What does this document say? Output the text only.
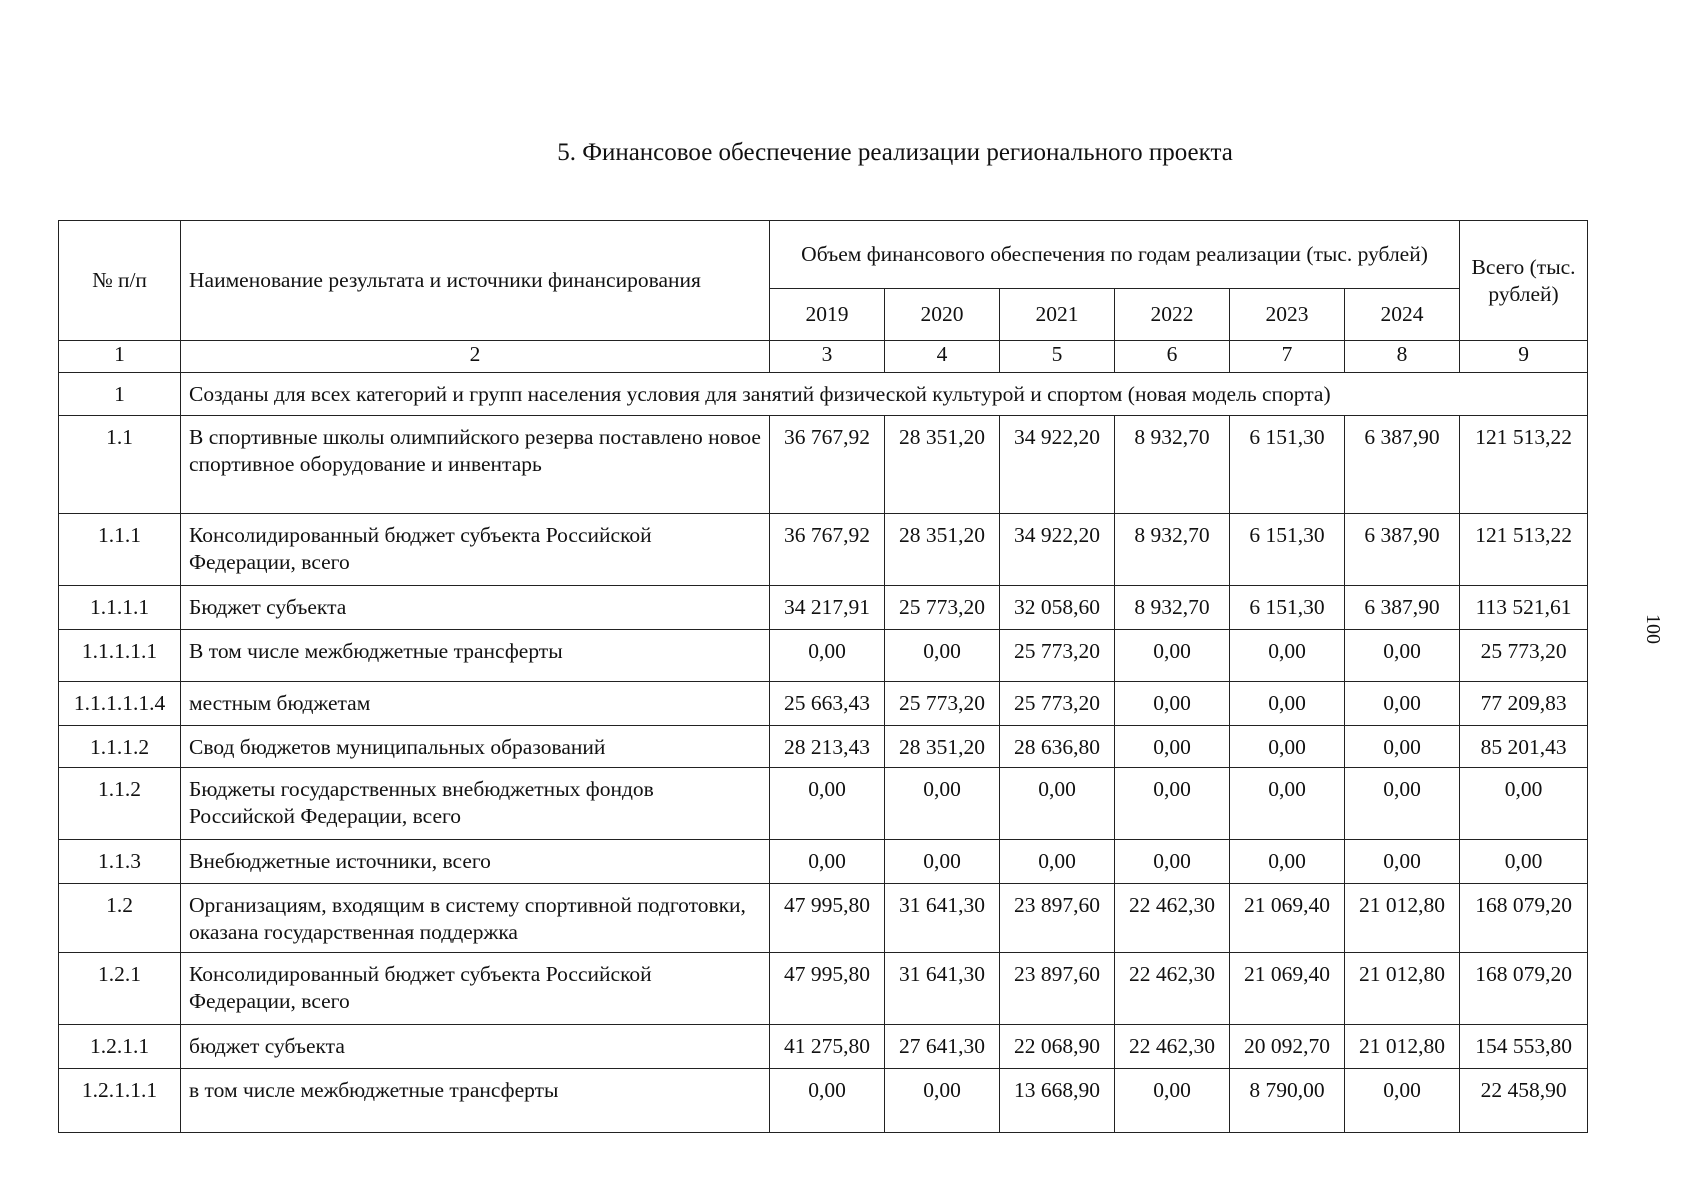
5. Финансовое обеспечение реализации регионального проекта
100
№ п/п	Наименование результата и источники финансирования	Объем финансового обеспечения по годам реализации (тыс. рублей)						Всего (тыс. рублей)
		2019	2020	2021	2022	2023	2024	
1	2	3	4	5	6	7	8	9
1	Созданы для всех категорий и групп населения условия для занятий физической культурой и спортом (новая модель спорта)							
1.1	В спортивные школы олимпийского резерва поставлено новое спортивное оборудование и инвентарь	36 767,92	28 351,20	34 922,20	8 932,70	6 151,30	6 387,90	121 513,22
1.1.1	Консолидированный бюджет субъекта Российской Федерации, всего	36 767,92	28 351,20	34 922,20	8 932,70	6 151,30	6 387,90	121 513,22
1.1.1.1	Бюджет субъекта	34 217,91	25 773,20	32 058,60	8 932,70	6 151,30	6 387,90	113 521,61
1.1.1.1.1	В том числе межбюджетные трансферты	0,00	0,00	25 773,20	0,00	0,00	0,00	25 773,20
1.1.1.1.1.4	местным бюджетам	25 663,43	25 773,20	25 773,20	0,00	0,00	0,00	77 209,83
1.1.1.2	Свод бюджетов муниципальных образований	28 213,43	28 351,20	28 636,80	0,00	0,00	0,00	85 201,43
1.1.2	Бюджеты государственных внебюджетных фондов Российской Федерации, всего	0,00	0,00	0,00	0,00	0,00	0,00	0,00
1.1.3	Внебюджетные источники, всего	0,00	0,00	0,00	0,00	0,00	0,00	0,00
1.2	Организациям, входящим в систему спортивной подготовки, оказана государственная поддержка	47 995,80	31 641,30	23 897,60	22 462,30	21 069,40	21 012,80	168 079,20
1.2.1	Консолидированный бюджет субъекта Российской Федерации, всего	47 995,80	31 641,30	23 897,60	22 462,30	21 069,40	21 012,80	168 079,20
1.2.1.1	бюджет субъекта	41 275,80	27 641,30	22 068,90	22 462,30	20 092,70	21 012,80	154 553,80
1.2.1.1.1	в том числе межбюджетные трансферты	0,00	0,00	13 668,90	0,00	8 790,00	0,00	22 458,90
